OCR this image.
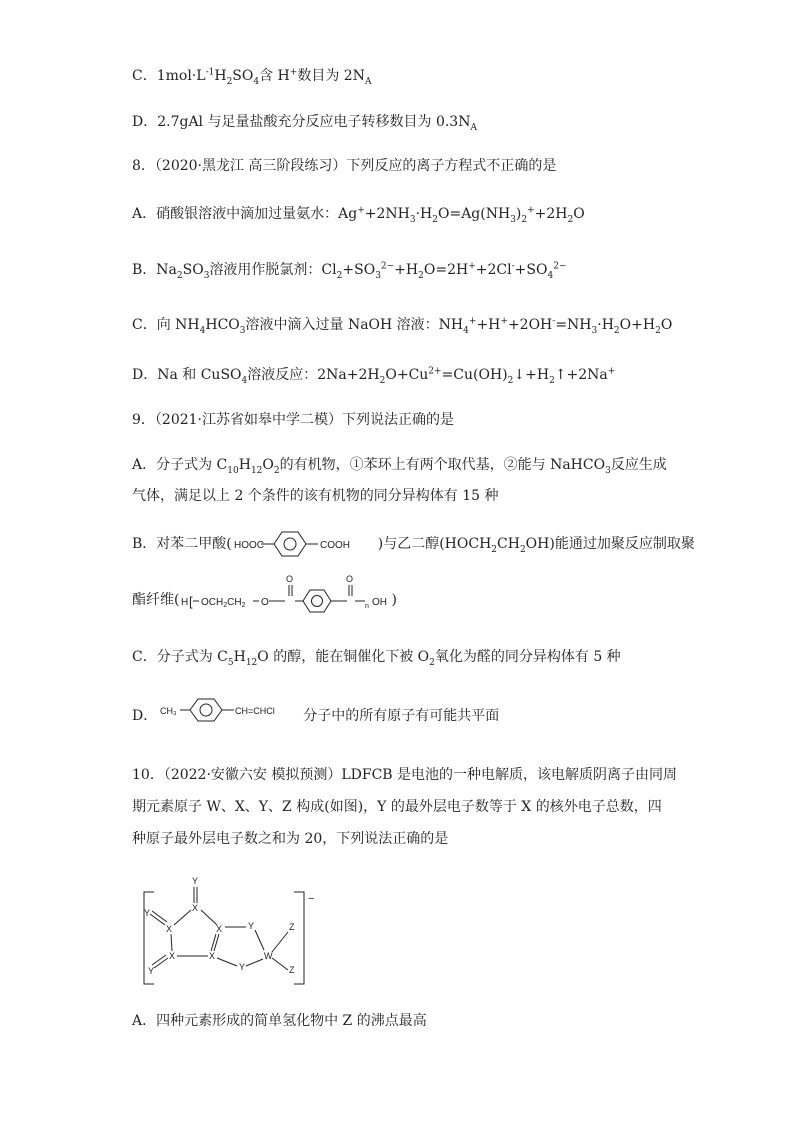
C．$1mol\cdot L^{-1}H_2SO_4$含 H+数目为 $2N_A$
D．2.7gAl 与足量盐酸充分反应电子转移数目为 $0.3N_A$
8．（2020·黑龙江 高三阶段练习）下列反应的离子方程式不正确的是
A．硝酸银溶液中滴加过量氨水：$Ag^++2NH_3\cdot H_2O=Ag(NH_3)_2^++2H_2O$
B．$Na_2SO_3$溶液用作脱氯剂：$Cl_2+SO_3^{2-}+H_2O=2H^++2Cl^-+SO_4^{2-}$
C．向 $NH_4HCO_3$溶液中滴入过量 NaOH 溶液：$NH_4^++H^++2OH^-=NH_3\cdot H_2O+H_2O$
D．Na 和 CuSO$_4$溶液反应：$2Na+2H_2O+Cu^{2+}=Cu(OH)_2↓+H_2↑+2Na^+$
9．（2021·江苏省如皋中学二模）下列说法正确的是
A．分子式为 $C_{10}H_{12}O_2$的有机物，①苯环上有两个取代基，②能与 NaHCO$_3$反应生成
气体，满足以上 2 个条件的该有机物的同分异构体有 15 种
B．对苯二甲酸(	)与乙二醇$(HOCH_2CH_2OH)$能通过加聚反应制取聚
HOOC	COOH
酯纤维(	)
H [ $OCH_2CH_2$ O
O	O
n OH
C．分子式为 $C_5H_{12}O$ 的醇，能在铜催化下被 $O_2$氧化为醛的同分异构体有 5 种
D．	分子中的所有原子有可能共平面
CH₃	CH=CHCl
10．（2022·安徽六安 模拟预测）LDFCB 是电池的一种电解质，该电解质阴离子由同周
期元素原子 W、X、Y、Z 构成(如图)，Y 的最外层电子数等于 X 的核外电子总数，四
种原子最外层电子数之和为 20，下列说法正确的是
−
Y
X
Y
X	X	Y	Z
X	X	W
Y	Z
Y
A．四种元素形成的简单氢化物中 Z 的沸点最高
